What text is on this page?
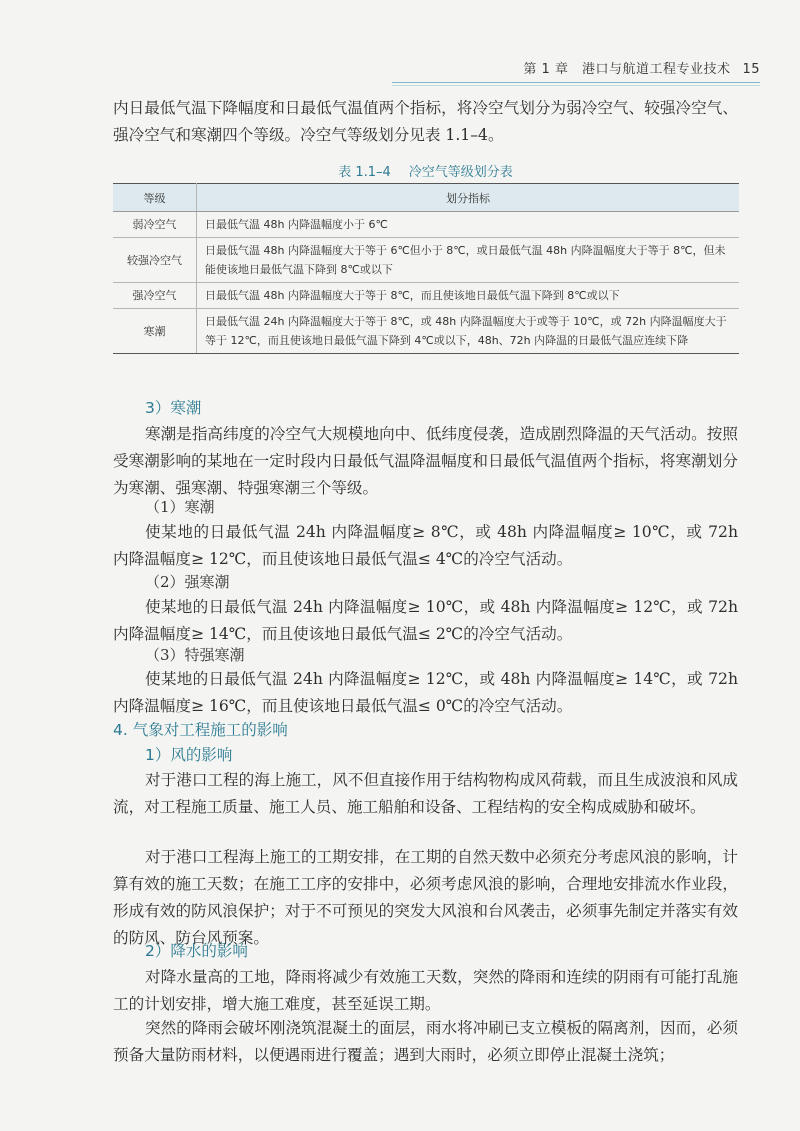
第 1 章　港口与航道工程专业技术 15

内日最低气温下降幅度和日最低气温值两个指标，将冷空气划分为弱冷空气、较强冷空气、强冷空气和寒潮四个等级。冷空气等级划分见表 1.1–4。

表 1.1–4 冷空气等级划分表
等级	划分指标
弱冷空气	日最低气温 48h 内降温幅度小于 6℃
较强冷空气	日最低气温 48h 内降温幅度大于等于 6℃但小于 8℃，或日最低气温 48h 内降温幅度大于等于 8℃，但未能使该地日最低气温下降到 8℃或以下
强冷空气	日最低气温 48h 内降温幅度大于等于 8℃，而且使该地日最低气温下降到 8℃或以下
寒潮	日最低气温 24h 内降温幅度大于等于 8℃，或 48h 内降温幅度大于或等于 10℃，或 72h 内降温幅度大于等于 12℃，而且使该地日最低气温下降到 4℃或以下，48h、72h 内降温的日最低气温应连续下降
3）寒潮

寒潮是指高纬度的冷空气大规模地向中、低纬度侵袭，造成剧烈降温的天气活动。按照受寒潮影响的某地在一定时段内日最低气温降温幅度和日最低气温值两个指标，将寒潮划分为寒潮、强寒潮、特强寒潮三个等级。

（1）寒潮

使某地的日最低气温 24h 内降温幅度≥ 8℃，或 48h 内降温幅度≥ 10℃，或 72h 内降温幅度≥ 12℃，而且使该地日最低气温≤ 4℃的冷空气活动。

（2）强寒潮

使某地的日最低气温 24h 内降温幅度≥ 10℃，或 48h 内降温幅度≥ 12℃，或 72h 内降温幅度≥ 14℃，而且使该地日最低气温≤ 2℃的冷空气活动。

（3）特强寒潮

使某地的日最低气温 24h 内降温幅度≥ 12℃，或 48h 内降温幅度≥ 14℃，或 72h 内降温幅度≥ 16℃，而且使该地日最低气温≤ 0℃的冷空气活动。

4. 气象对工程施工的影响
1）风的影响

对于港口工程的海上施工，风不但直接作用于结构物构成风荷载，而且生成波浪和风成流，对工程施工质量、施工人员、施工船舶和设备、工程结构的安全构成威胁和破坏。

对于港口工程海上施工的工期安排，在工期的自然天数中必须充分考虑风浪的影响，计算有效的施工天数；在施工工序的安排中，必须考虑风浪的影响，合理地安排流水作业段，形成有效的防风浪保护；对于不可预见的突发大风浪和台风袭击，必须事先制定并落实有效的防风、防台风预案。

2）降水的影响

对降水量高的工地，降雨将减少有效施工天数，突然的降雨和连续的阴雨有可能打乱施工的计划安排，增大施工难度，甚至延误工期。

突然的降雨会破坏刚浇筑混凝土的面层，雨水将冲刷已支立模板的隔离剂，因而，必须预备大量防雨材料，以便遇雨进行覆盖；遇到大雨时，必须立即停止混凝土浇筑；
